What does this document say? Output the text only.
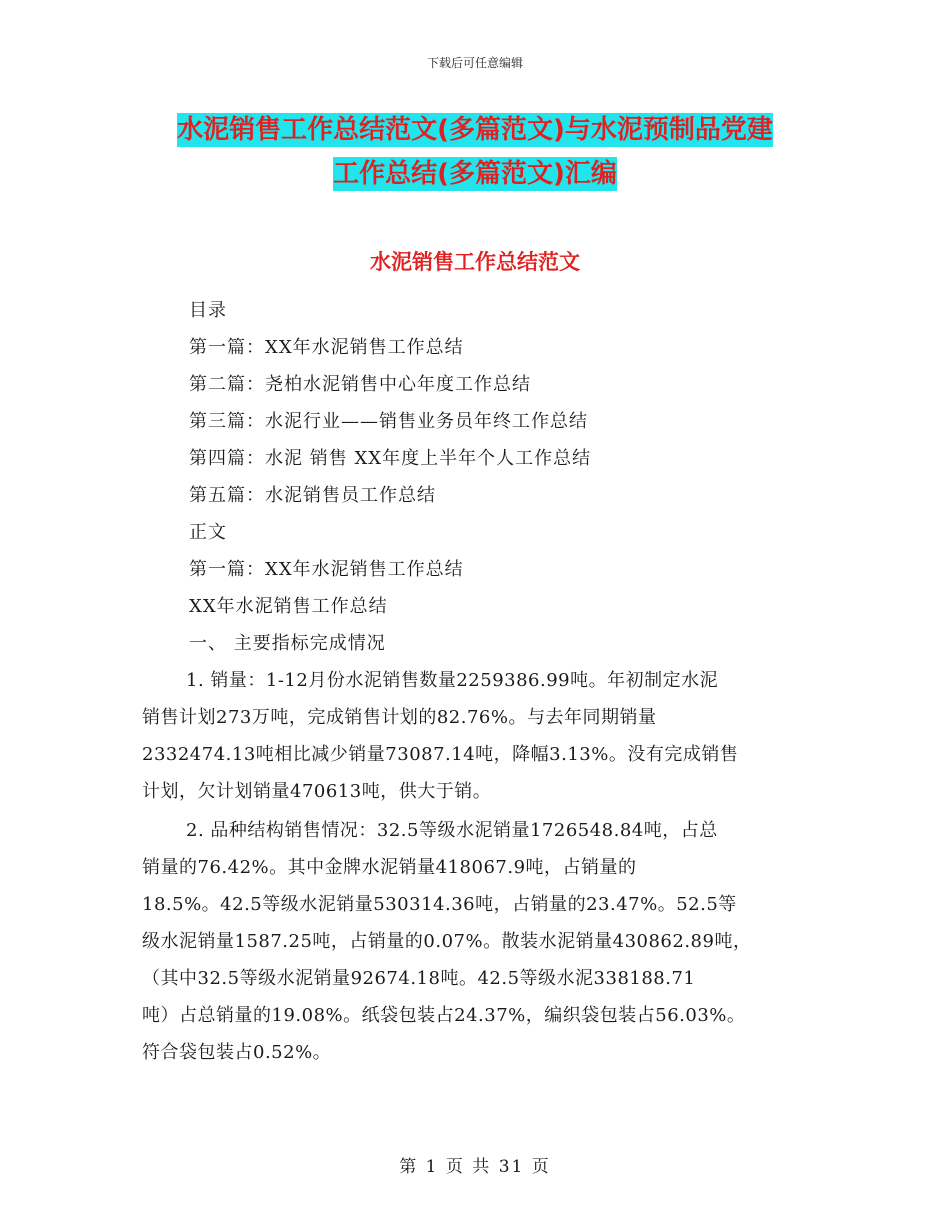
下载后可任意编辑
水泥销售工作总结范文(多篇范文)与水泥预制品党建
工作总结(多篇范文)汇编
水泥销售工作总结范文
目录
第一篇：XX年水泥销售工作总结
第二篇：尧柏水泥销售中心年度工作总结
第三篇：水泥行业——销售业务员年终工作总结
第四篇：水泥 销售 XX年度上半年个人工作总结
第五篇：水泥销售员工作总结
正文
第一篇：XX年水泥销售工作总结
XX年水泥销售工作总结
一、 主要指标完成情况
1. 销量：1-12月份水泥销售数量2259386.99吨。年初制定水泥
销售计划273万吨，完成销售计划的82.76%。与去年同期销量
2332474.13吨相比减少销量73087.14吨，降幅3.13%。没有完成销售
计划，欠计划销量470613吨，供大于销。
2. 品种结构销售情况：32.5等级水泥销量1726548.84吨，占总
销量的76.42%。其中金牌水泥销量418067.9吨，占销量的
18.5%。42.5等级水泥销量530314.36吨，占销量的23.47%。52.5等
级水泥销量1587.25吨，占销量的0.07%。散装水泥销量430862.89吨，
（其中32.5等级水泥销量92674.18吨。42.5等级水泥338188.71
吨）占总销量的19.08%。纸袋包装占24.37%，编织袋包装占56.03%。
符合袋包装占0.52%。
第 1 页 共 31 页
